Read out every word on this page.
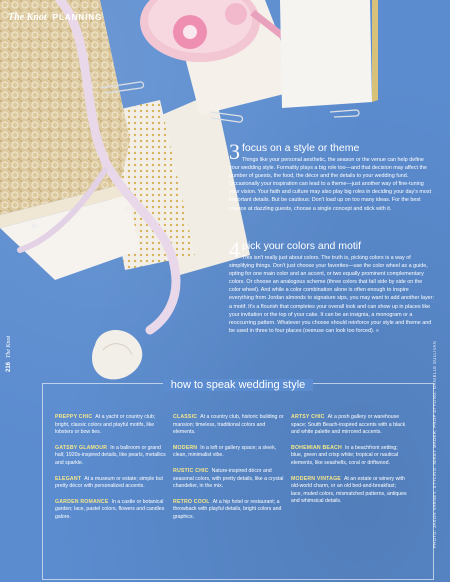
The Knot PLANNING
216
The Knot
3 focus on a style or theme
Things like your personal aesthetic, the season or the venue can help define your wedding style. Formality plays a big role too—and that decision may affect the number of guests, the food, the décor and the details to your wedding fund. Occasionally your inspiration can lead to a theme—just another way of fine-tuning your vision. Your faith and culture may also play big roles in deciding your day's most important details. But be cautious: Don't load up on too many ideas. For the best chance at dazzling guests, choose a single concept and stick with it.
4 pick your colors and motif
This isn't really just about colors. The truth is, picking colors is a way of simplifying things. Don't just choose your favorites—use the color wheel as a guide, opting for one main color and an accent, or two equally prominent complementary colors. Or choose an analogous scheme (three colors that fall side by side on the color wheel). And while a color combination alone is often enough to inspire everything from Jordan almonds to signature sips, you may want to add another layer: a motif. It's a flourish that completes your overall look and can show up in places like your invitation or the top of your cake. It can be an insignia, a monogram or a reoccurring pattern. Whatever you choose should reinforce your style and theme and be used in three to four places (overuse can look too forced). »
how to speak wedding style
PREPPY CHIC At a yacht or country club; bright, classic colors and playful motifs, like lobsters or bow ties.
GATSBY GLAMOUR In a ballroom or grand hall; 1920s-inspired details, like pearls, metallics and sparkle.
ELEGANT At a museum or estate; simple but pretty décor with personalized accents.
GARDEN ROMANCE In a castle or botanical garden; lace, pastel colors, flowers and candles galore.
CLASSIC At a country club, historic building or mansion; timeless, traditional colors and elements.
MODERN In a loft or gallery space; a sleek, clean, minimalist vibe.
RUSTIC CHIC Nature-inspired décor and seasonal colors, with pretty details, like a crystal chandelier, in the mix.
RETRO COOL At a hip hotel or restaurant; a throwback with playful details, bright colors and graphics.
ARTSY CHIC At a posh gallery or warehouse space; South Beach-inspired accents with a black and white palette and mirrored accents.
BOHEMIAN BEACH In a beachfront setting; blue, green and crisp white; tropical or nautical elements, like seashells, coral or driftwood.
MODERN VINTAGE At an estate or winery with old-world charm, or an old bed-and-breakfast; lace, muted colors, mismatched patterns, antiques and whimsical details.	PHOTO: JASON VARNEY; STYLING: MIKEY MADER; PROP STYLING: DANIELLE SULLIVAN
